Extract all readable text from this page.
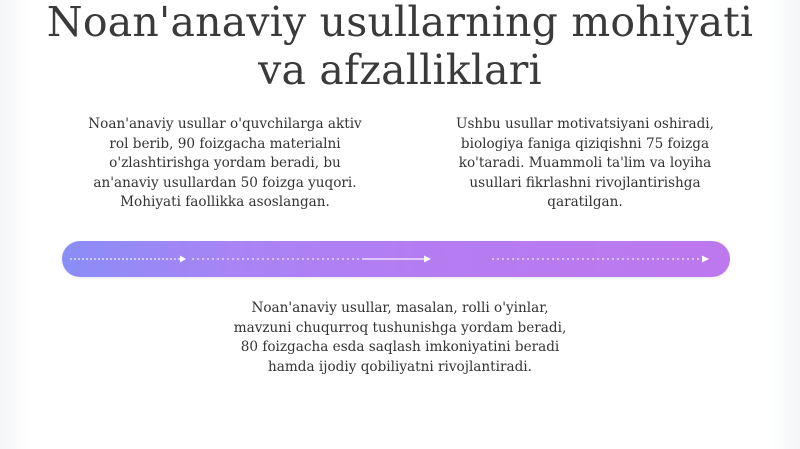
Noan'anaviy usullarning mohiyati
va afzalliklari

Noan'anaviy usullar o'quvchilarga aktiv
rol berib, 90 foizgacha materialni
o'zlashtirishga yordam beradi, bu
an'anaviy usullardan 50 foizga yuqori.
Mohiyati faollikka asoslangan.

Ushbu usullar motivatsiyani oshiradi,
biologiya faniga qiziqishni 75 foizga
ko'taradi. Muammoli ta'lim va loyiha
usullari fikrlashni rivojlantirishga
qaratilgan.

Noan'anaviy usullar, masalan, rolli o'yinlar,
mavzuni chuqurroq tushunishga yordam beradi,
80 foizgacha esda saqlash imkoniyatini beradi
hamda ijodiy qobiliyatni rivojlantiradi.
